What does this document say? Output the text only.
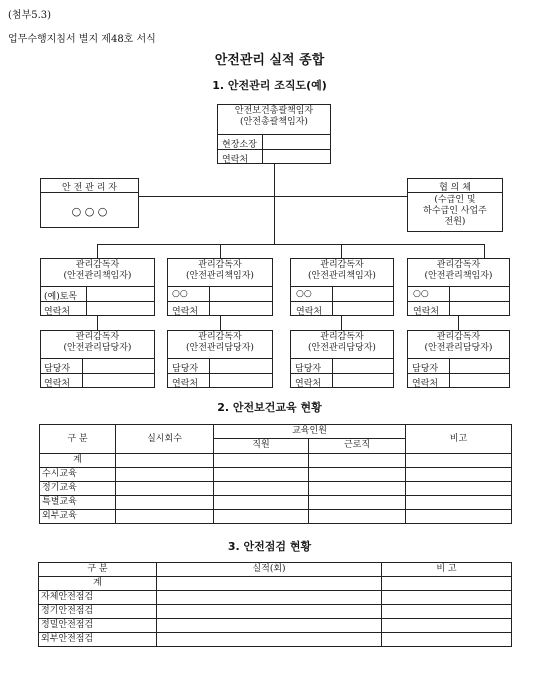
(첨부5.3)
업무수행지침서 별지 제48호 서식
안전관리 실적 종합
1. 안전관리 조직도(예)
안전보건총괄책임자
(안전총괄책임자)
현장소장
연락처
안 전 관 리 자
○ ○ ○
협 의 체
(수급인 및
하수급인 사업주
전원)
관리감독자
(안전관리책임자)
(예)토목
연락처
관리감독자
(안전관리책임자)
○○
연락처
관리감독자
(안전관리책임자)
○○
연락처
관리감독자
(안전관리책임자)
○○
연락처
관리감독자
(안전관리담당자)
담당자
연락처
관리감독자
(안전관리담당자)
담당자
연락처
관리감독자
(안전관리담당자)
담당자
연락처
관리감독자
(안전관리담당자)
담당자
연락처
2. 안전보건교육 현황
구 분	실시회수	교육인원		비고
		직원	근로직	
계				
수시교육				
정기교육				
특별교육				
외부교육				
3. 안전점검 현황
구 분	실적(회)	비 고
계		
자체안전점검		
정기안전점검		
정밀안전점검		
외부안전점검		
